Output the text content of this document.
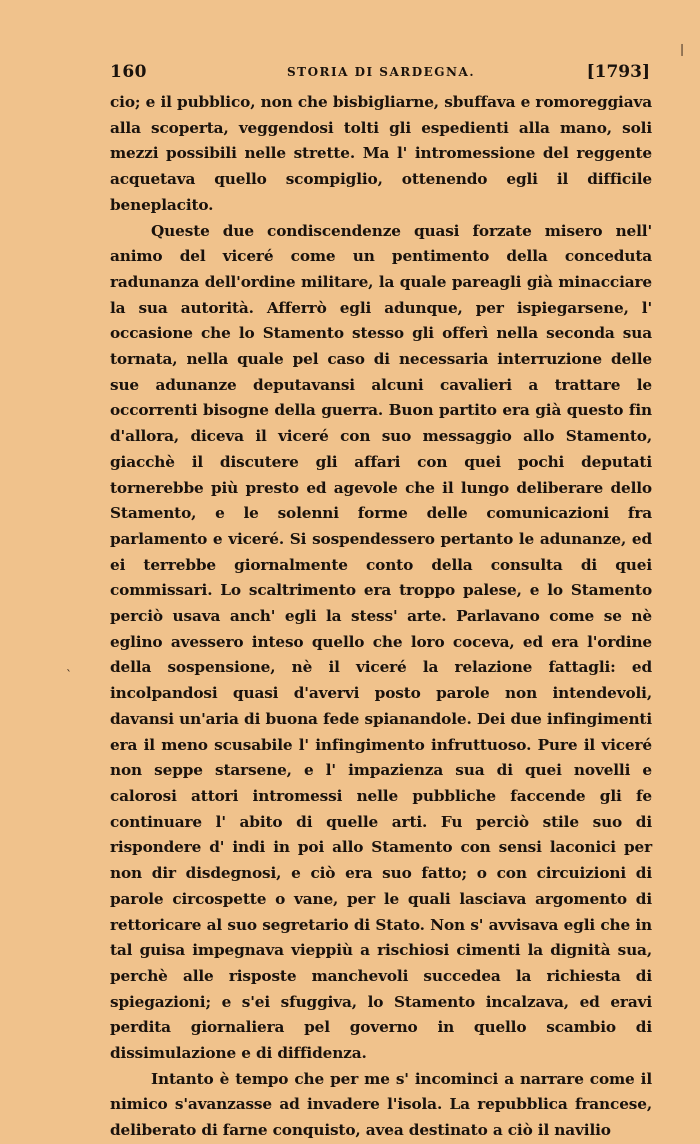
❘
`
160	STORIA DI SARDEGNA.	[1793]

cio; e il pubblico, non che bisbigliarne, sbuffava e romoreggiava alla scoperta, veggendosi tolti gli espedienti alla mano, soli mezzi possibili nelle strette. Ma l' intromessione del reggente acquetava quello scompiglio, ottenendo egli il difficile beneplacito.

Queste due condiscendenze quasi forzate misero nell' animo del viceré come un pentimento della conceduta radunanza dell'ordine militare, la quale pareagli già minacciare la sua autorità. Afferrò egli adunque, per ispiegarsene, l' occasione che lo Stamento stesso gli offerì nella seconda sua tornata, nella quale pel caso di necessaria interruzione delle sue adunanze deputavansi alcuni cavalieri a trattare le occorrenti bisogne della guerra. Buon partito era già questo fin d'allora, diceva il viceré con suo messaggio allo Stamento, giacchè il discutere gli affari con quei pochi deputati tornerebbe più presto ed agevole che il lungo deliberare dello Stamento, e le solenni forme delle comunicazioni fra parlamento e viceré. Si sospendessero pertanto le adunanze, ed ei terrebbe giornalmente conto della consulta di quei commissari. Lo scaltrimento era troppo palese, e lo Stamento perciò usava anch' egli la stess' arte. Parlavano come se nè eglino avessero inteso quello che loro coceva, ed era l'ordine della sospensione, nè il viceré la relazione fattagli: ed incolpandosi quasi d'avervi posto parole non intendevoli, davansi un'aria di buona fede spianandole. Dei due infingimenti era il meno scusabile l' infingimento infruttuoso. Pure il viceré non seppe starsene, e l' impazienza sua di quei novelli e calorosi attori intromessi nelle pubbliche faccende gli fe continuare l' abito di quelle arti. Fu perciò stile suo di rispondere d' indi in poi allo Stamento con sensi laconici per non dir disdegnosi, e ciò era suo fatto; o con circuizioni di parole circospette o vane, per le quali lasciava argomento di rettoricare al suo segretario di Stato. Non s' avvisava egli che in tal guisa impegnava vieppiù a rischiosi cimenti la dignità sua, perchè alle risposte manchevoli succedea la richiesta di spiegazioni; e s'ei sfuggiva, lo Stamento incalzava, ed eravi perdita giornaliera pel governo in quello scambio di dissimulazione e di diffidenza.

Intanto è tempo che per me s' incominci a narrare come il nimico s'avanzasse ad invadere l'isola. La repubblica francese, deliberato di farne conquisto, avea destinato a ciò il navilio
